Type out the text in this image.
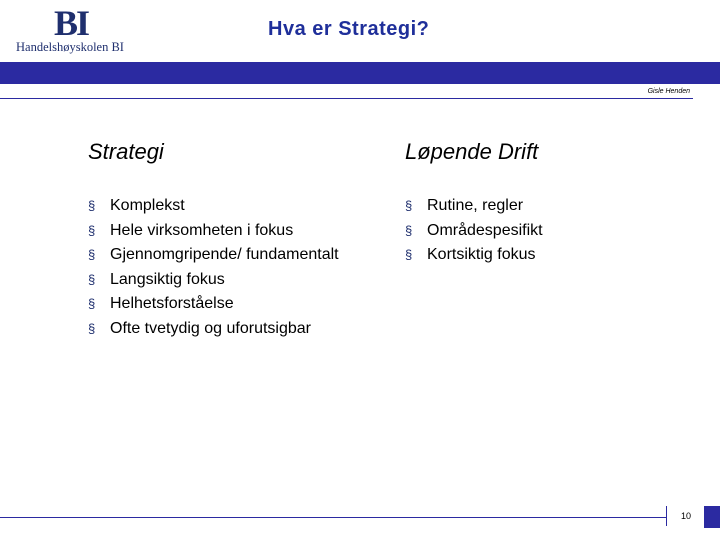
BI
Handelshøyskolen BI
Hva er Strategi?
Gisle Henden
Strategi
§ Komplekst
§ Hele virksomheten i fokus
§ Gjennomgripende/ fundamentalt
§ Langsiktig fokus
§ Helhetsforståelse
§ Ofte tvetydig og uforutsigbar
Løpende Drift
§ Rutine, regler
§ Områdespesifikt
§ Kortsiktig fokus
10
